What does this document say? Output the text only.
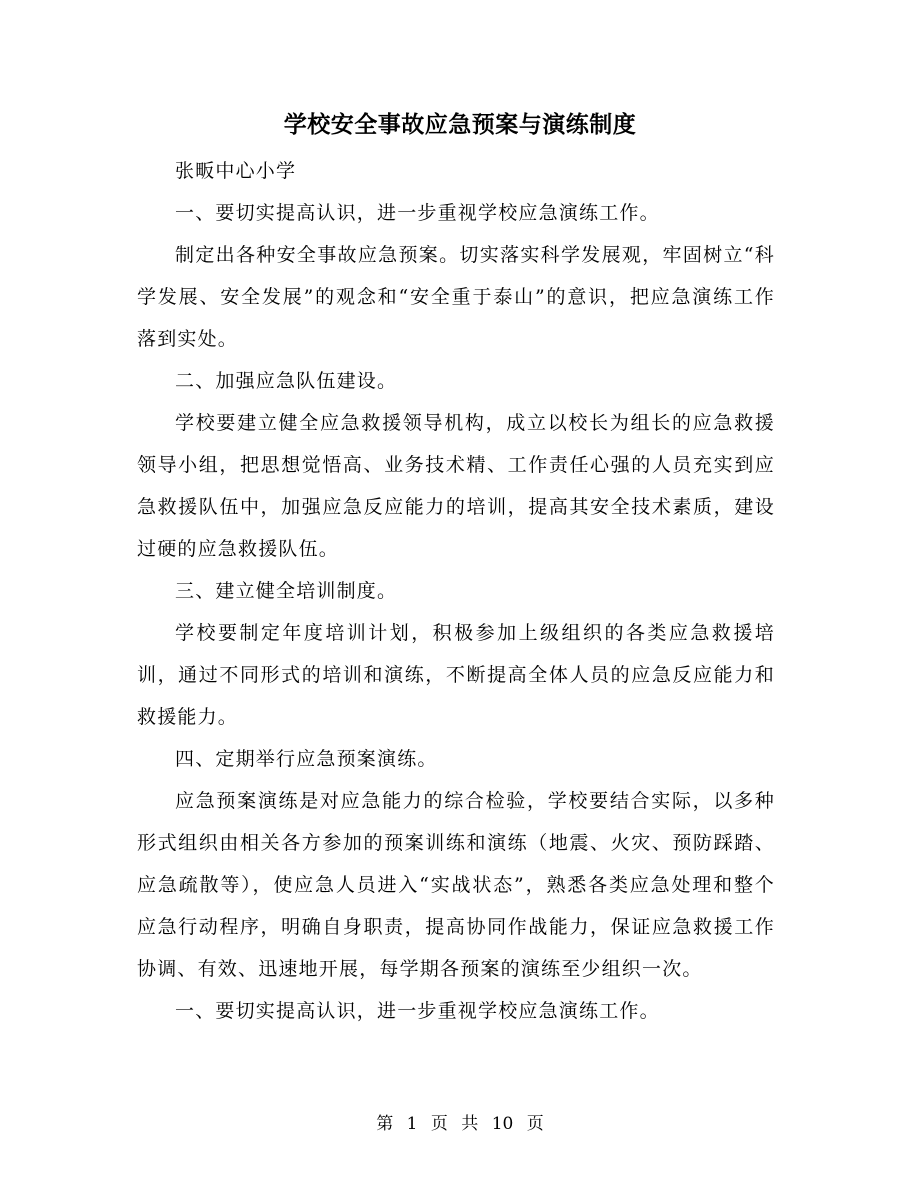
学校安全事故应急预案与演练制度

张畈中心小学

一、要切实提高认识，进一步重视学校应急演练工作。

制定出各种安全事故应急预案。切实落实科学发展观，牢固树立“科学发展、安全发展”的观念和“安全重于泰山”的意识，把应急演练工作落到实处。

二、加强应急队伍建设。

学校要建立健全应急救援领导机构，成立以校长为组长的应急救援领导小组，把思想觉悟高、业务技术精、工作责任心强的人员充实到应急救援队伍中，加强应急反应能力的培训，提高其安全技术素质，建设过硬的应急救援队伍。

三、建立健全培训制度。

学校要制定年度培训计划，积极参加上级组织的各类应急救援培训，通过不同形式的培训和演练，不断提高全体人员的应急反应能力和救援能力。

四、定期举行应急预案演练。

应急预案演练是对应急能力的综合检验，学校要结合实际，以多种形式组织由相关各方参加的预案训练和演练（地震、火灾、预防踩踏、应急疏散等），使应急人员进入“实战状态”，熟悉各类应急处理和整个应急行动程序，明确自身职责，提高协同作战能力，保证应急救援工作协调、有效、迅速地开展，每学期各预案的演练至少组织一次。

一、要切实提高认识，进一步重视学校应急演练工作。

第 1 页 共 10 页
